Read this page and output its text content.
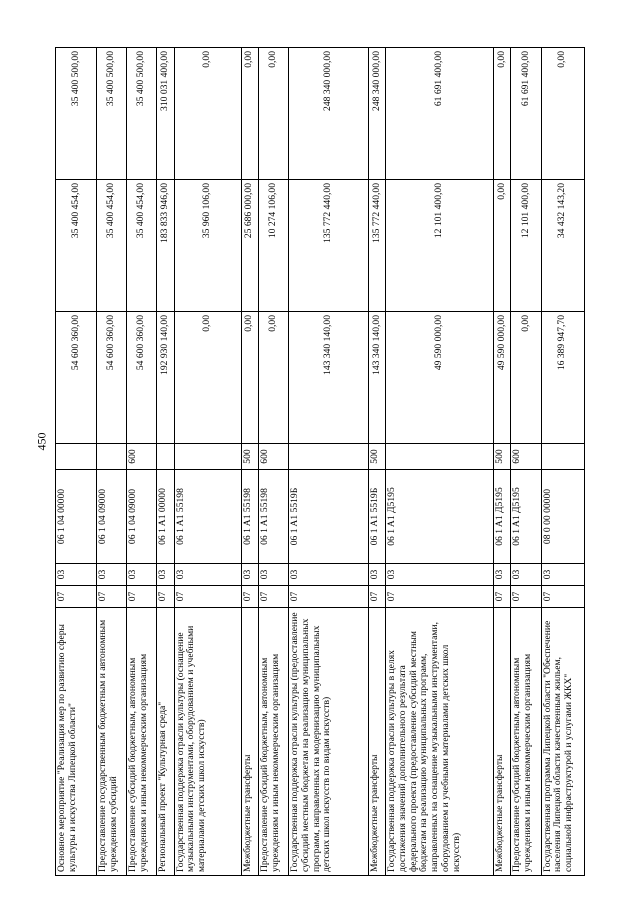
450
Основное мероприятие "Реализация мер по развитию сферы культуры и искусства Липецкой области"	07	03	06 1 04 00000		54 600 360,00	35 400 454,00	35 400 500,00
Предоставление государственным бюджетным и автономным учреждениям субсидий	07	03	06 1 04 09000		54 600 360,00	35 400 454,00	35 400 500,00
Предоставление субсидий бюджетным, автономным учреждениям и иным некоммерческим организациям	07	03	06 1 04 09000	600	54 600 360,00	35 400 454,00	35 400 500,00
Региональный проект "Культурная среда"	07	03	06 1 A1 00000		192 930 140,00	183 833 946,00	310 031 400,00
Государственная поддержка отрасли культуры (оснащение музыкальными инструментами, оборудованием и учебными материалами детских школ искусств)	07	03	06 1 A1 55198		0,00	35 960 106,00	0,00
Межбюджетные трансферты	07	03	06 1 A1 55198	500	0,00	25 686 000,00	0,00
Предоставление субсидий бюджетным, автономным учреждениям и иным некоммерческим организациям	07	03	06 1 A1 55198	600	0,00	10 274 106,00	0,00
Государственная поддержка отрасли культуры (предоставление субсидий местным бюджетам на реализацию муниципальных программ, направленных на модернизацию муниципальных детских школ искусств по видам искусств)	07	03	06 1 A1 5519Б		143 340 140,00	135 772 440,00	248 340 000,00
Межбюджетные трансферты	07	03	06 1 A1 5519Б	500	143 340 140,00	135 772 440,00	248 340 000,00
Государственная поддержка отрасли культуры в целях достижения значений дополнительного результата федерального проекта (предоставление субсидий местным бюджетам на реализацию муниципальных программ, направленных на оснащение музыкальными инструментами, оборудованием и учебными материалами детских школ искусств)	07	03	06 1 A1 Д5195		49 590 000,00	12 101 400,00	61 691 400,00
Межбюджетные трансферты	07	03	06 1 A1 Д5195	500	49 590 000,00	0,00	0,00
Предоставление субсидий бюджетным, автономным учреждениям и иным некоммерческим организациям	07	03	06 1 A1 Д5195	600	0,00	12 101 400,00	61 691 400,00
Государственная программа Липецкой области "Обеспечение населения Липецкой области качественным жильем, социальной инфраструктурой и услугами ЖКХ"	07	03	08 0 00 00000		16 389 947,70	34 432 143,20	0,00
